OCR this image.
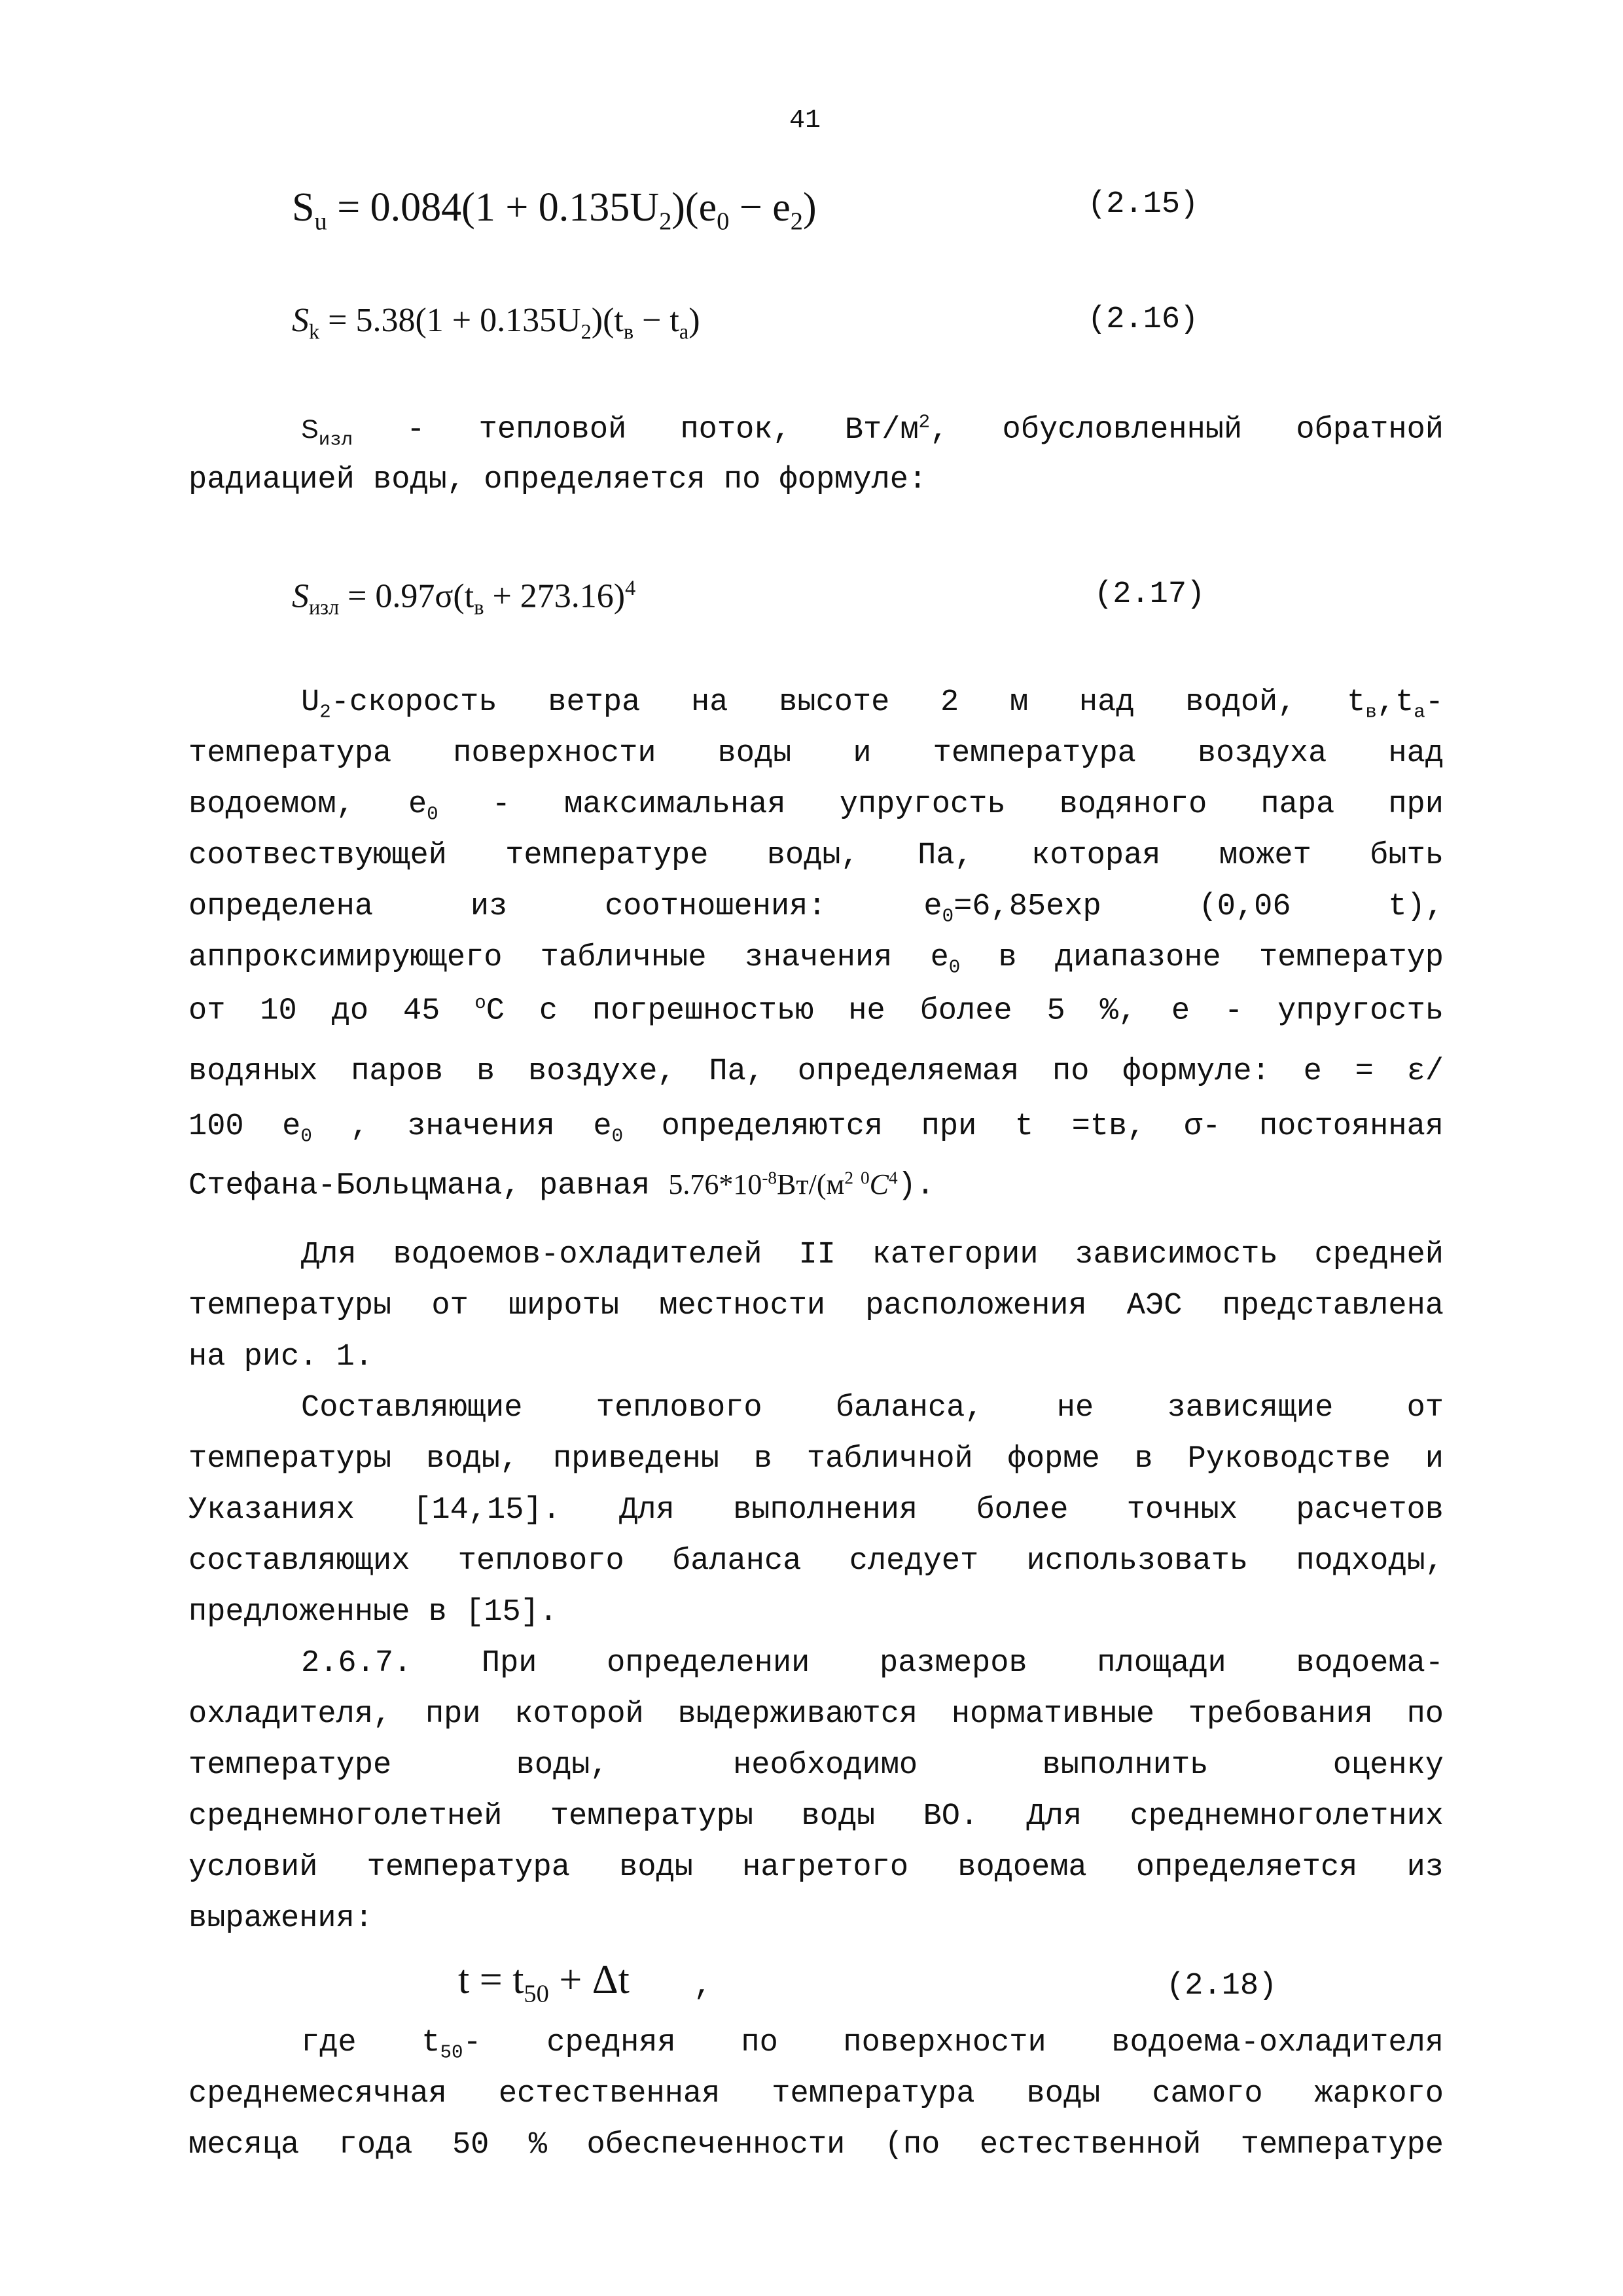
41
$S_u = 0.084(1 + 0.135U_2)(e_0 - e_2)$	(2.15)
$S_k = 5.38(1 + 0.135U_2)(t_в - t_a)$	(2.16)
$S_{изл}$ - тепловой поток, $Вт/м^2$, обусловленный обратной
радиацией воды, определяется по формуле:
$S_{изл} = 0.97\sigma(t_в + 273.16)^4$	(2.17)
$U_2$-скорость ветра на высоте 2 м над водой, $t_в,t_а-$
температура поверхности воды и температура воздуха над
водоемом, $e_0$ - максимальная упругость водяного пара при
соотвествующей температуре воды, Па, которая может быть
определена из соотношения: $e_0=6,85\exp$ (0,06 t),
аппроксимирующего табличные значения $e_0$ в диапазоне температур
от 10 до 45 $^о$С с погрешностью не более 5 %, е - упругость
водяных паров в воздухе, Па, определяемая по формуле: е = ε/
100 $e_0$ , значения $e_0$ определяются при t =tв, σ- постоянная
Стефана-Больцмана, равная $5.76*10^{-8}Вт/(м^2$ $^0С^4$).
Для водоемов-охладителей II категории зависимость средней
температуры от широты местности расположения АЭС представлена
на рис. 1.
Составляющие теплового баланса, не зависящие от
температуры воды, приведены в табличной форме в Руководстве и
Указаниях [14,15]. Для выполнения более точных расчетов
составляющих теплового баланса следует использовать подходы,
предложенные в [15].
2.6.7. При определении размеров площади водоема-
охладителя, при которой выдерживаются нормативные требования по
температуре воды, необходимо выполнить оценку
среднемноголетней температуры воды ВО. Для среднемноголетних
условий температура воды нагретого водоема определяется из
выражения:
$t = t_{50} + \Delta t$ ,	(2.18)
где $t_{50}-$ средняя по поверхности водоема-охладителя
среднемесячная естественная температура воды самого жаркого
месяца года 50 % обеспеченности (по естественной температуре
